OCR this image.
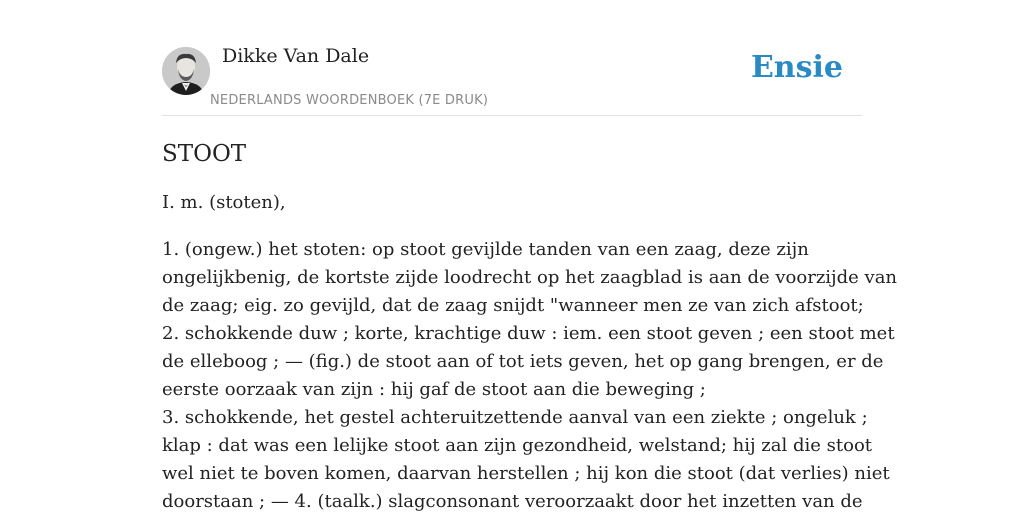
Dikke Van Dale
NEDERLANDS WOORDENBOEK (7E DRUK)
Ensie
STOOT

I. m. (stoten),

1. (ongew.) het stoten: op stoot gevijlde tanden van een zaag, deze zijn
ongelijkbenig, de kortste zijde loodrecht op het zaagblad is aan de voorzijde van
de zaag; eig. zo gevijld, dat de zaag snijdt "wanneer men ze van zich afstoot;
2. schokkende duw ; korte, krachtige duw : iem. een stoot geven ; een stoot met
de elleboog ; — (fig.) de stoot aan of tot iets geven, het op gang brengen, er de
eerste oorzaak van zijn : hij gaf de stoot aan die beweging ;
3. schokkende, het gestel achteruitzettende aanval van een ziekte ; ongeluk ;
klap : dat was een lelijke stoot aan zijn gezondheid, welstand; hij zal die stoot
wel niet te boven komen, daarvan herstellen ; hij kon die stoot (dat verlies) niet
doorstaan ; — 4. (taalk.) slagconsonant veroorzaakt door het inzetten van de
